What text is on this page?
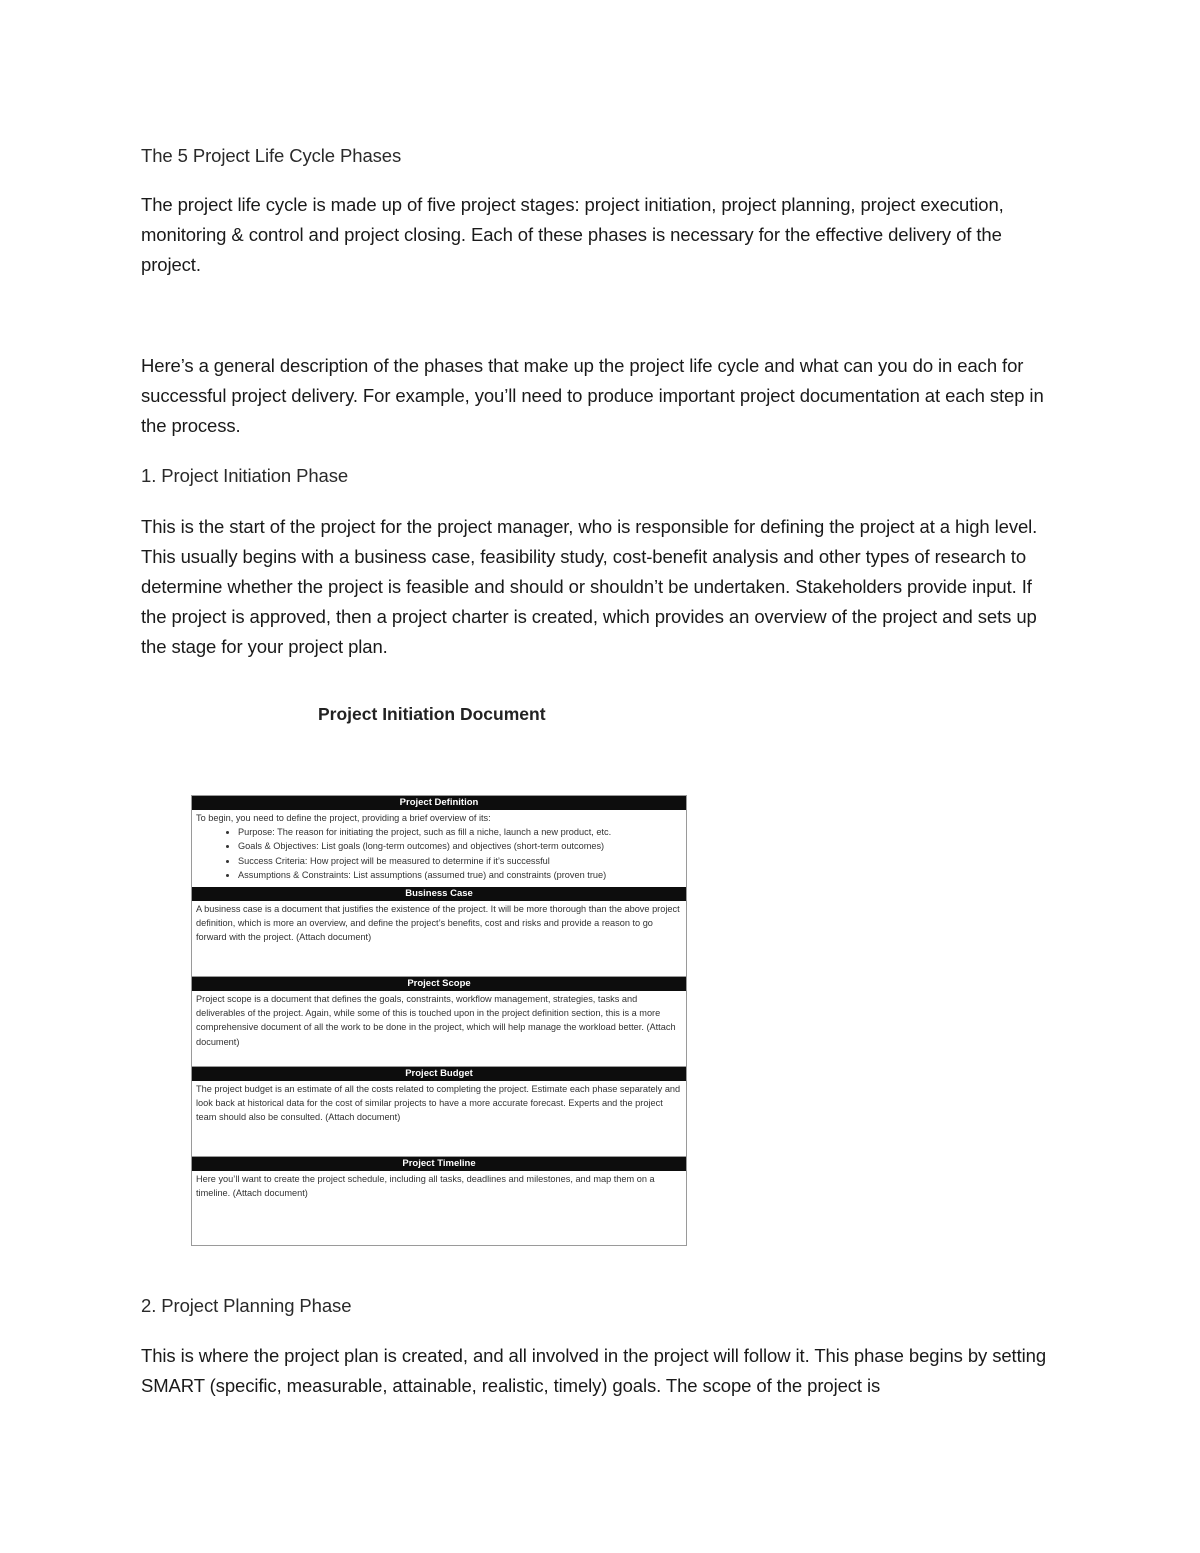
The 5 Project Life Cycle Phases
The project life cycle is made up of five project stages: project initiation, project planning, project execution, monitoring & control and project closing. Each of these phases is necessary for the effective delivery of the project.
Here’s a general description of the phases that make up the project life cycle and what can you do in each for successful project delivery. For example, you’ll need to produce important project documentation at each step in the process.
1. Project Initiation Phase
This is the start of the project for the project manager, who is responsible for defining the project at a high level. This usually begins with a business case, feasibility study, cost-benefit analysis and other types of research to determine whether the project is feasible and should or shouldn’t be undertaken. Stakeholders provide input. If the project is approved, then a project charter is created, which provides an overview of the project and sets up the stage for your project plan.
Project Initiation Document
Project Definition
To begin, you need to define the project, providing a brief overview of its:
• Purpose: The reason for initiating the project, such as fill a niche, launch a new product, etc.
• Goals & Objectives: List goals (long-term outcomes) and objectives (short-term outcomes)
• Success Criteria: How project will be measured to determine if it’s successful
• Assumptions & Constraints: List assumptions (assumed true) and constraints (proven true)
Business Case
A business case is a document that justifies the existence of the project. It will be more thorough than the above project definition, which is more an overview, and define the project’s benefits, cost and risks and provide a reason to go forward with the project. (Attach document)
Project Scope
Project scope is a document that defines the goals, constraints, workflow management, strategies, tasks and deliverables of the project. Again, while some of this is touched upon in the project definition section, this is a more comprehensive document of all the work to be done in the project, which will help manage the workload better. (Attach document)
Project Budget
The project budget is an estimate of all the costs related to completing the project. Estimate each phase separately and look back at historical data for the cost of similar projects to have a more accurate forecast. Experts and the project team should also be consulted. (Attach document)
Project Timeline
Here you’ll want to create the project schedule, including all tasks, deadlines and milestones, and map them on a timeline. (Attach document)
2. Project Planning Phase
This is where the project plan is created, and all involved in the project will follow it. This phase begins by setting SMART (specific, measurable, attainable, realistic, timely) goals. The scope of the project is
